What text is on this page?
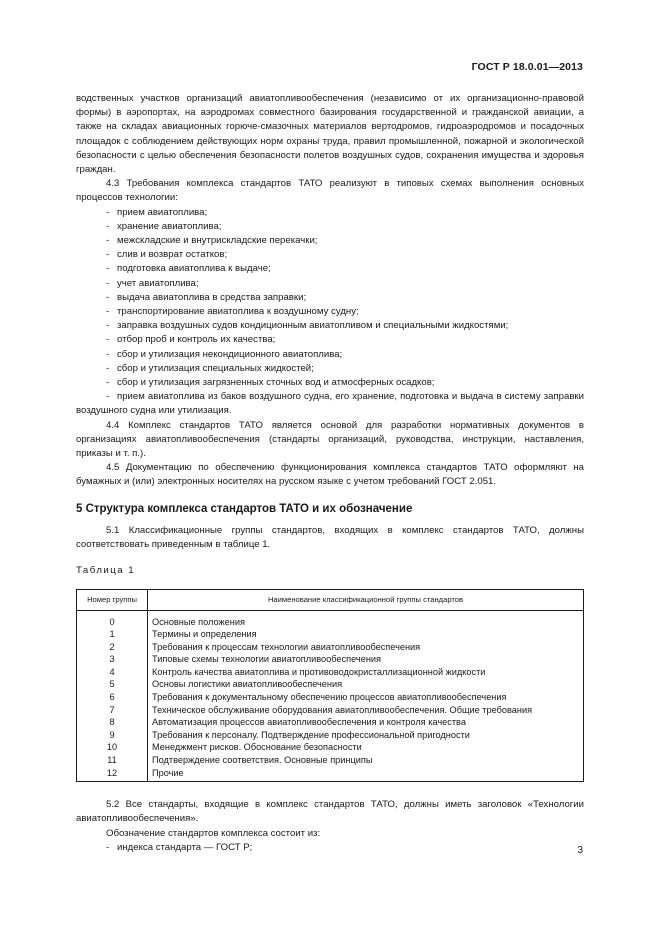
ГОСТ Р 18.0.01—2013

водственных участков организаций авиатопливообеспечения (независимо от их организационно-правовой формы) в аэропортах, на аэродромах совместного базирования государственной и гражданской авиации, а также на складах авиационных горюче-смазочных материалов вертодромов, гидроаэродромов и посадочных площадок с соблюдением действующих норм охраны труда, правил промышленной, пожарной и экологической безопасности с целью обеспечения безопасности полетов воздушных судов, сохранения имущества и здоровья граждан.

4.3 Требования комплекса стандартов ТАТО реализуют в типовых схемах выполнения основных процессов технологии:

- прием авиатоплива;
- хранение авиатоплива;
- межскладские и внутрискладские перекачки;
- слив и возврат остатков;
- подготовка авиатоплива к выдаче;
- учет авиатоплива;
- выдача авиатоплива в средства заправки;
- транспортирование авиатоплива к воздушному судну;
- заправка воздушных судов кондиционным авиатопливом и специальными жидкостями;
- отбор проб и контроль их качества;
- сбор и утилизация некондиционного авиатоплива;
- сбор и утилизация специальных жидкостей;
- сбор и утилизация загрязненных сточных вод и атмосферных осадков;
- прием авиатоплива из баков воздушного судна, его хранение, подготовка и выдача в систему заправки воздушного судна или утилизация.

4.4 Комплекс стандартов ТАТО является основой для разработки нормативных документов в организациях авиатопливообеспечения (стандарты организаций, руководства, инструкции, наставления, приказы и т. п.).

4.5 Документацию по обеспечению функционирования комплекса стандартов ТАТО оформляют на бумажных и (или) электронных носителях на русском языке с учетом требований ГОСТ 2.051.

5 Структура комплекса стандартов ТАТО и их обозначение

5.1 Классификационные группы стандартов, входящих в комплекс стандартов ТАТО, должны соответствовать приведенным в таблице 1.

Таблица 1
Номер группы	Наименование классификационной группы стандартов
0	Основные положения
1	Термины и определения
2	Требования к процессам технологии авиатопливообеспечения
3	Типовые схемы технологии авиатопливообеспечения
4	Контроль качества авиатоплива и противоводокристаллизационной жидкости
5	Основы логистики авиатопливообеспечения
6	Требования к документальному обеспечению процессов авиатопливообеспечения
7	Техническое обслуживание оборудования авиатопливообеспечения. Общие требования
8	Автоматизация процессов авиатопливообеспечения и контроля качества
9	Требования к персоналу. Подтверждение профессиональной пригодности
10	Менеджмент рисков. Обоснование безопасности
11	Подтверждение соответствия. Основные принципы
12	Прочие

5.2 Все стандарты, входящие в комплекс стандартов ТАТО, должны иметь заголовок «Технологии авиатопливообеспечения».

Обозначение стандартов комплекса состоит из:

- индекса стандарта — ГОСТ Р;	3
